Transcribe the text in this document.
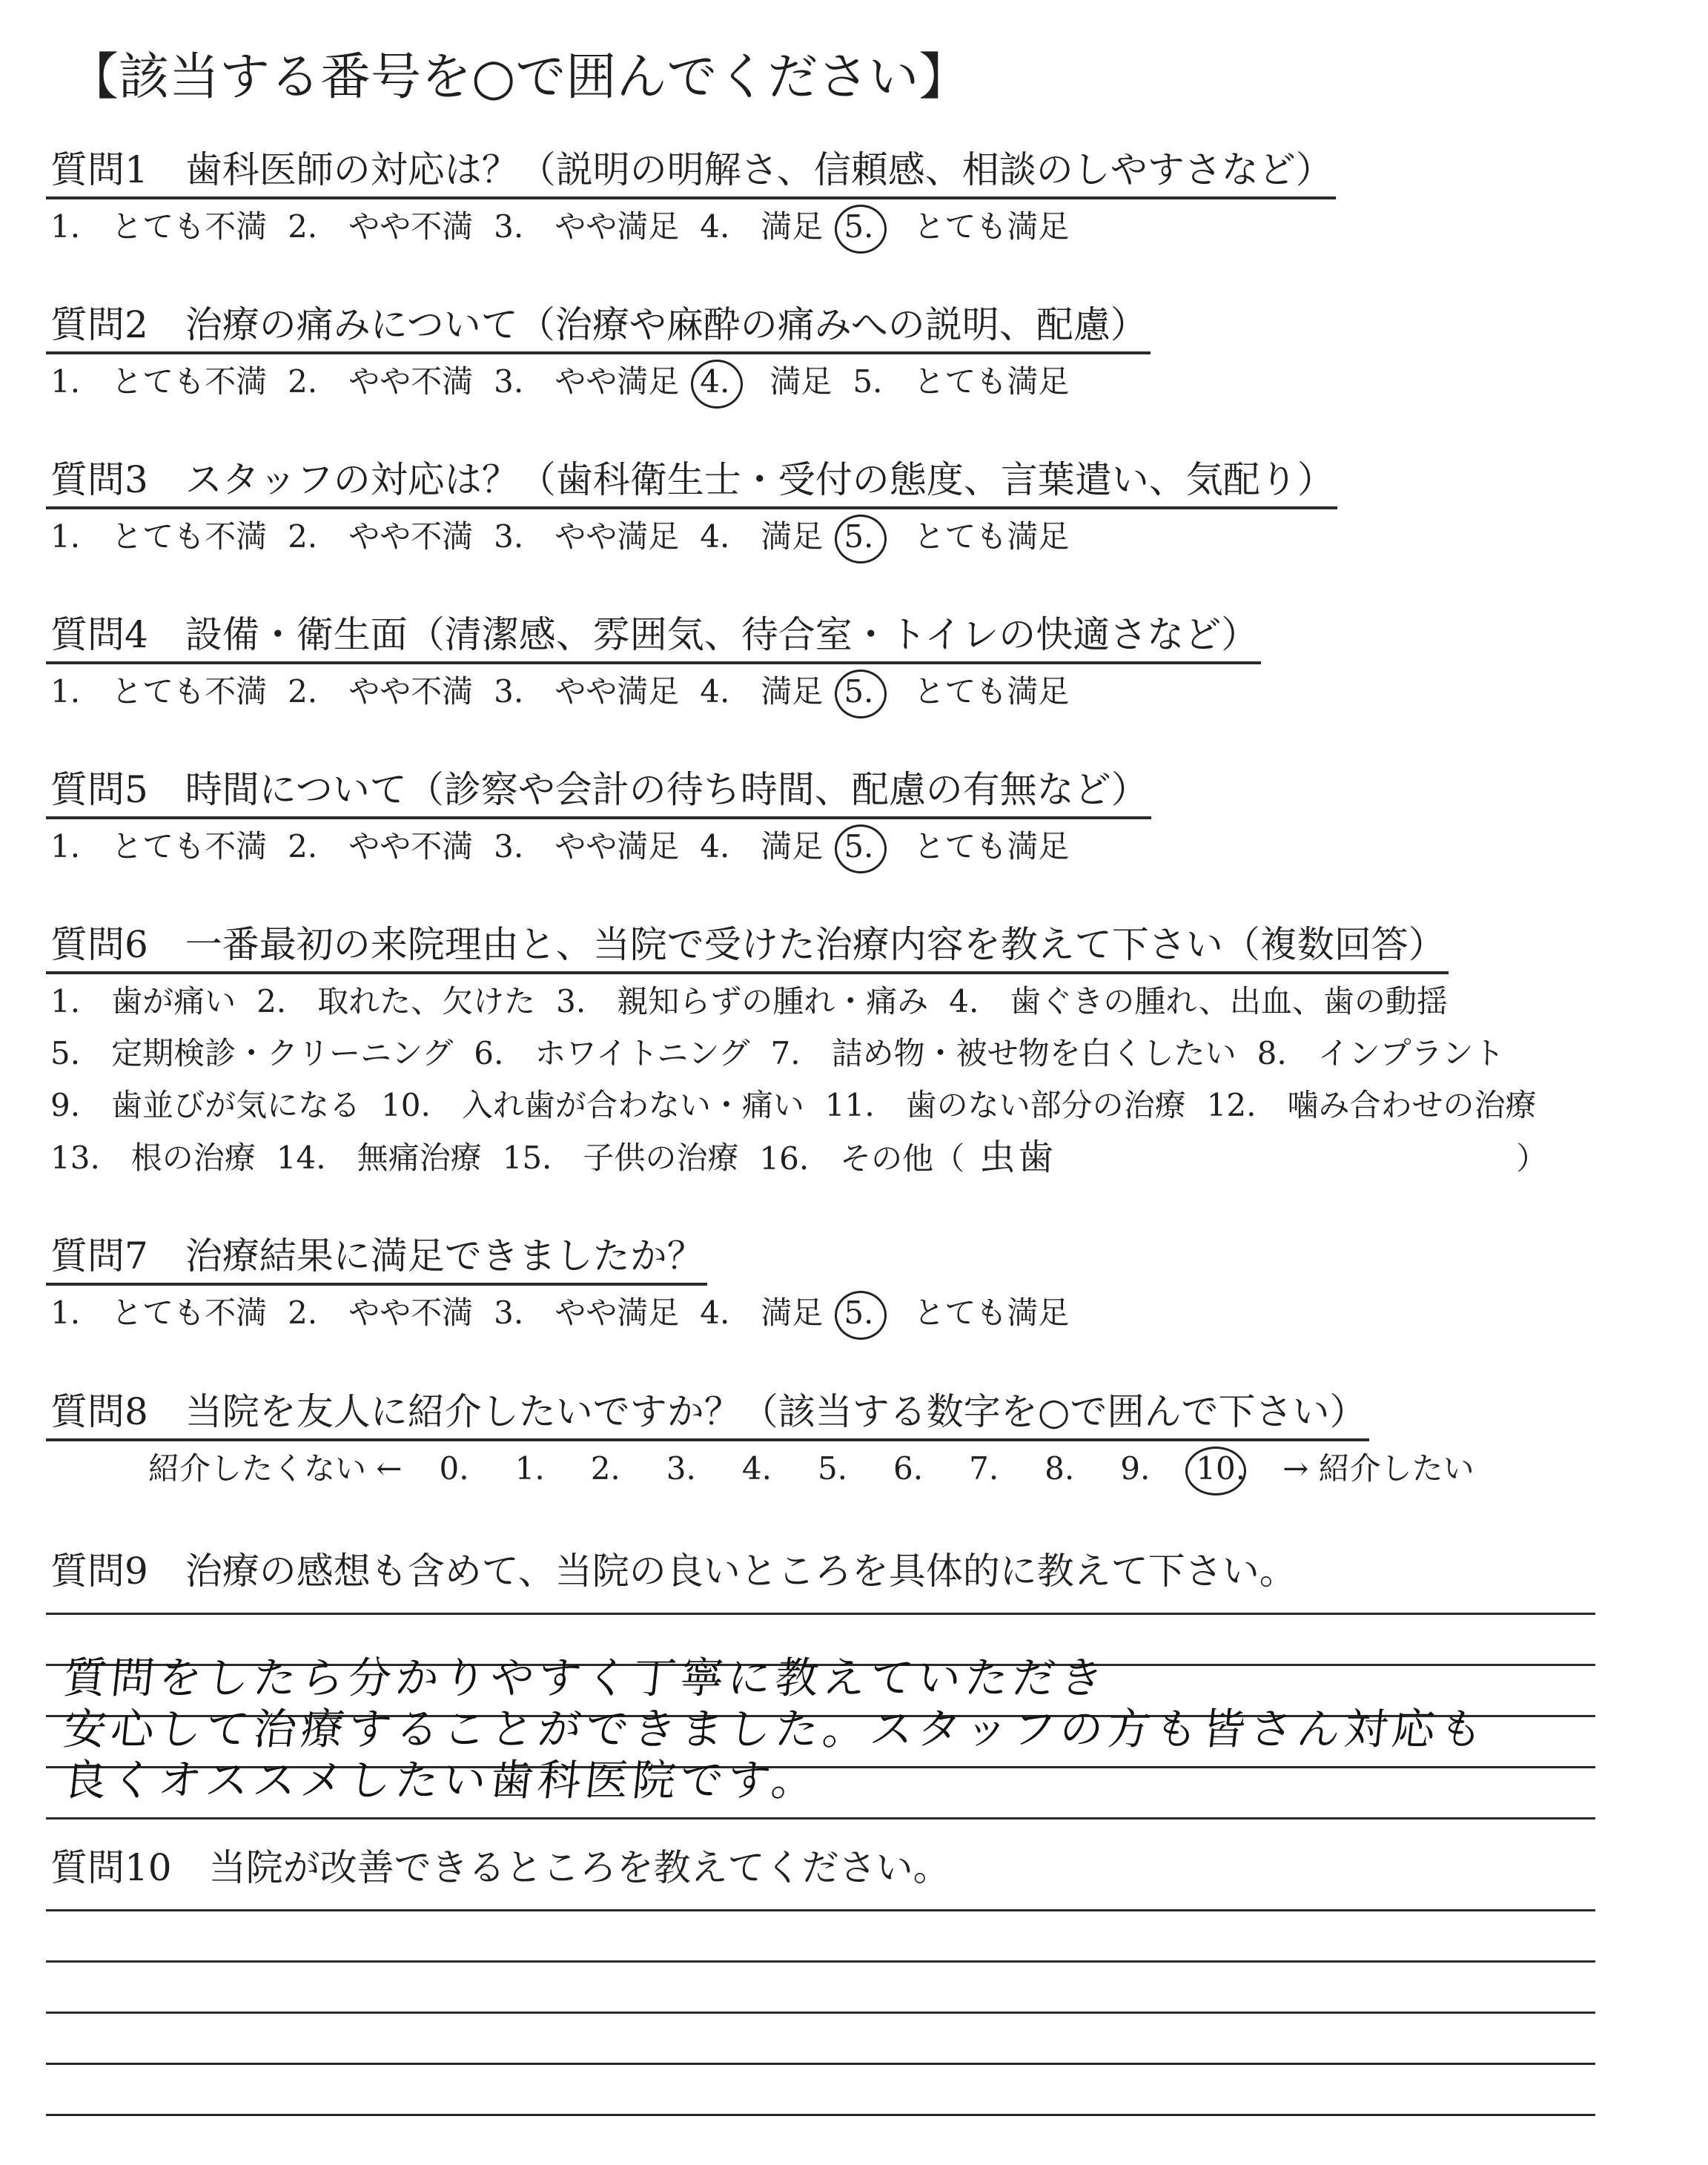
【該当する番号を○で囲んでください】
質問1　歯科医師の対応は？（説明の明解さ、信頼感、相談のしやすさなど）
1.　とても不満 2.　やや不満 3.　やや満足 4.　満足 5.　とても満足
質問2　治療の痛みについて（治療や麻酔の痛みへの説明、配慮）
1.　とても不満 2.　やや不満 3.　やや満足 4.　満足 5.　とても満足
質問3　スタッフの対応は？（歯科衛生士・受付の態度、言葉遣い、気配り）
1.　とても不満 2.　やや不満 3.　やや満足 4.　満足 5.　とても満足
質問4　設備・衛生面（清潔感、雰囲気、待合室・トイレの快適さなど）
1.　とても不満 2.　やや不満 3.　やや満足 4.　満足 5.　とても満足
質問5　時間について（診察や会計の待ち時間、配慮の有無など）
1.　とても不満 2.　やや不満 3.　やや満足 4.　満足 5.　とても満足
質問6　一番最初の来院理由と、当院で受けた治療内容を教えて下さい（複数回答）
1.　歯が痛い 2.　取れた、欠けた 3.　親知らずの腫れ・痛み 4.　歯ぐきの腫れ、出血、歯の動揺
5.　定期検診・クリーニング 6.　ホワイトニング 7.　詰め物・被せ物を白くしたい 8.　インプラント
9.　歯並びが気になる 10.　入れ歯が合わない・痛い 11.　歯のない部分の治療 12.　噛み合わせの治療
13.　根の治療 14.　無痛治療 15.　子供の治療 16.　その他（ 虫歯	）
質問7　治療結果に満足できましたか？
1.　とても不満 2.　やや不満 3.　やや満足 4.　満足 5.　とても満足
質問8　当院を友人に紹介したいですか？（該当する数字を○で囲んで下さい）
紹介したくない ← 0. 1. 2. 3. 4. 5. 6. 7. 8. 9. 10. → 紹介したい
質問9　治療の感想も含めて、当院の良いところを具体的に教えて下さい。
質問をしたら分かりやすく丁寧に教えていただき
安心して治療することができました。スタッフの方も皆さん対応も
良くオススメしたい歯科医院です。
質問10　当院が改善できるところを教えてください。
